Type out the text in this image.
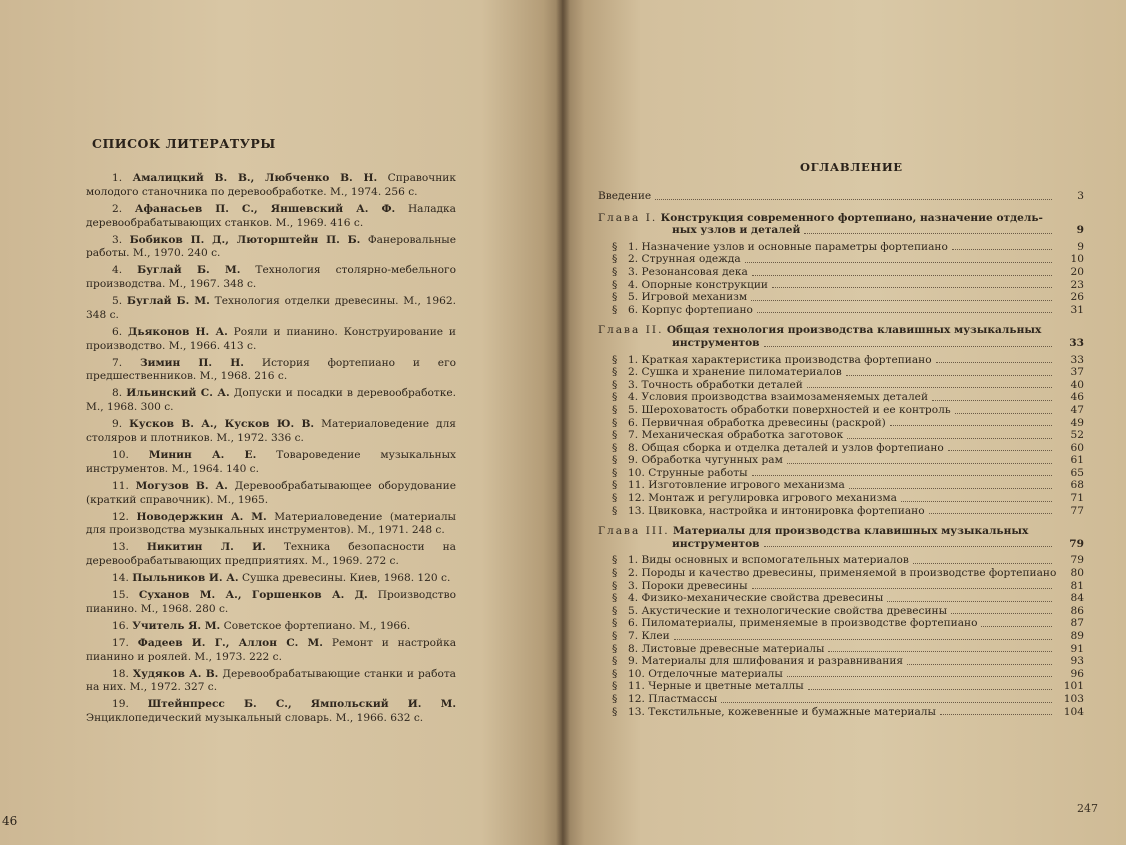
СПИСОК ЛИТЕРАТУРЫ
1. Амалицкий В. В., Любченко В. Н. Справочник молодого станочника по деревообработке. М., 1974. 256 с.
2. Афанасьев П. С., Яншевский А. Ф. Наладка деревообрабатывающих станков. М., 1969. 416 с.
3. Бобиков П. Д., Люторштейн П. Б. Фанеровальные работы. М., 1970. 240 с.
4. Буглай Б. М. Технология столярно-мебельного производства. М., 1967. 348 с.
5. Буглай Б. М. Технология отделки древесины. М., 1962. 348 с.
6. Дьяконов Н. А. Рояли и пианино. Конструирование и производство. М., 1966. 413 с.
7. Зимин П. Н. История фортепиано и его предшественников. М., 1968. 216 с.
8. Ильинский С. А. Допуски и посадки в деревообработке. М., 1968. 300 с.
9. Кусков В. А., Кусков Ю. В. Материаловедение для столяров и плотников. М., 1972. 336 с.
10. Минин А. Е. Товароведение музыкальных инструментов. М., 1964. 140 с.
11. Могузов В. А. Деревообрабатывающее оборудование (краткий справочник). М., 1965.
12. Новодержкин А. М. Материаловедение (материалы для производства музыкальных инструментов). М., 1971. 248 с.
13. Никитин Л. И. Техника безопасности на деревообрабатывающих предприятиях. М., 1969. 272 с.
14. Пыльников И. А. Сушка древесины. Киев, 1968. 120 с.
15. Суханов М. А., Горшенков А. Д. Производство пианино. М., 1968. 280 с.
16. Учитель Я. М. Советское фортепиано. М., 1966.
17. Фадеев И. Г., Аллон С. М. Ремонт и настройка пианино и роялей. М., 1973. 222 с.
18. Худяков А. В. Деревообрабатывающие станки и работа на них. М., 1972. 327 с.
19. Штейнпресс Б. С., Ямпольский И. М. Энциклопедический музыкальный словарь. М., 1966. 632 с.
46
ОГЛАВЛЕНИЕ
Введение	3
Глава I. Конструкция современного фортепиано, назначение отдель-
ных узлов и деталей	9
§ 1. Назначение узлов и основные параметры фортепиано	9
§ 2. Струнная одежда	10
§ 3. Резонансовая дека	20
§ 4. Опорные конструкции	23
§ 5. Игровой механизм	26
§ 6. Корпус фортепиано	31
Глава II. Общая технология производства клавишных музыкальных
инструментов	33
§ 1. Краткая характеристика производства фортепиано	33
§ 2. Сушка и хранение пиломатериалов	37
§ 3. Точность обработки деталей	40
§ 4. Условия производства взаимозаменяемых деталей	46
§ 5. Шероховатость обработки поверхностей и ее контроль	47
§ 6. Первичная обработка древесины (раскрой)	49
§ 7. Механическая обработка заготовок	52
§ 8. Общая сборка и отделка деталей и узлов фортепиано	60
§ 9. Обработка чугунных рам	61
§ 10. Струнные работы	65
§ 11. Изготовление игрового механизма	68
§ 12. Монтаж и регулировка игрового механизма	71
§ 13. Цвиковка, настройка и интонировка фортепиано	77
Глава III. Материалы для производства клавишных музыкальных
инструментов	79
§ 1. Виды основных и вспомогательных материалов	79
§ 2. Породы и качество древесины, применяемой в производстве фортепиано	80
§ 3. Пороки древесины	81
§ 4. Физико-механические свойства древесины	84
§ 5. Акустические и технологические свойства древесины	86
§ 6. Пиломатериалы, применяемые в производстве фортепиано	87
§ 7. Клеи	89
§ 8. Листовые древесные материалы	91
§ 9. Материалы для шлифования и разравнивания	93
§ 10. Отделочные материалы	96
§ 11. Черные и цветные металлы	101
§ 12. Пластмассы	103
§ 13. Текстильные, кожевенные и бумажные материалы	104
247
